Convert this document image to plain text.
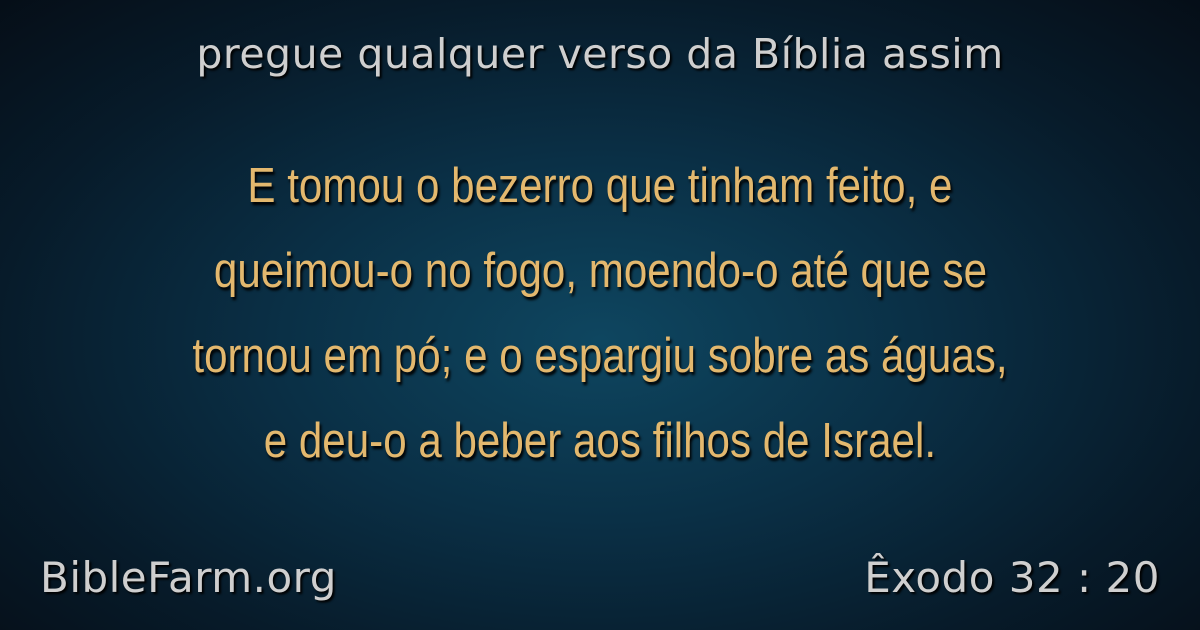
pregue qualquer verso da Bíblia assim
E tomou o bezerro que tinham feito, e
queimou-o no fogo, moendo-o até que se
tornou em pó; e o espargiu sobre as águas,
e deu-o a beber aos filhos de Israel.
BibleFarm.org	Êxodo 32 : 20
